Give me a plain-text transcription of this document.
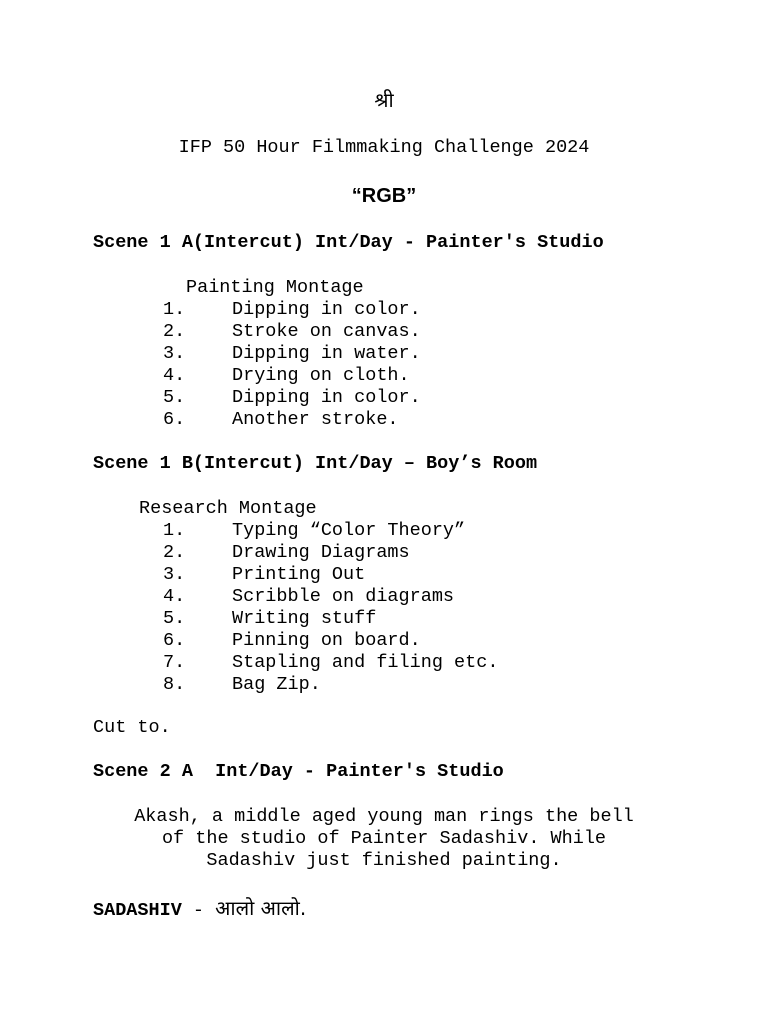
श्री
IFP 50 Hour Filmmaking Challenge 2024
“RGB”
Scene 1 A(Intercut) Int/Day - Painter's Studio
Painting Montage
1.	Dipping in color.
2.	Stroke on canvas.
3.	Dipping in water.
4.	Drying on cloth.
5.	Dipping in color.
6.	Another stroke.
Scene 1 B(Intercut) Int/Day – Boy’s Room
Research Montage
1.	Typing “Color Theory”
2.	Drawing Diagrams
3.	Printing Out
4.	Scribble on diagrams
5.	Writing stuff
6.	Pinning on board.
7.	Stapling and filing etc.
8.	Bag Zip.
Cut to.
Scene 2 A  Int/Day - Painter's Studio
Akash, a middle aged young man rings the bell
of the studio of Painter Sadashiv. While
Sadashiv just finished painting.
SADASHIV - आलो आलो.
